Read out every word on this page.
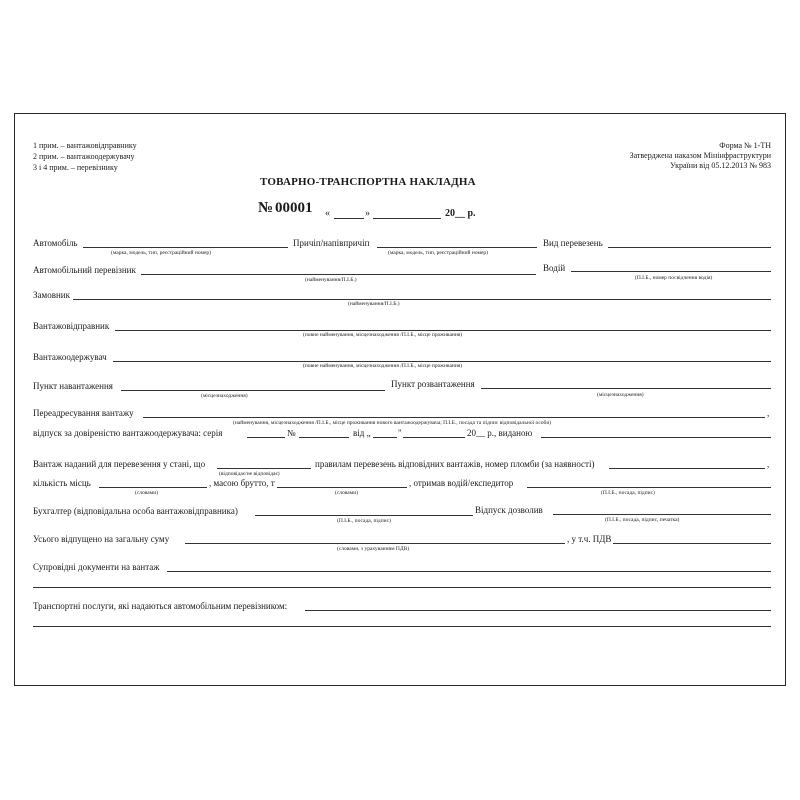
1 прим. – вантажовідправнику
2 прим. – вантажоодержувачу
3 і 4 прим. – перевізнику
Форма № 1-ТН
Затверджена наказом Мінінфраструктури
України від 05.12.2013 № 983
ТОВАРНО-ТРАНСПОРТНА НАКЛАДНА
№ 00001 «	»	20__ р.
Автомобіль
(марка, модель, тип, реєстраційний номер)
Причіп/напівпричіп
(марка, модель, тип, реєстраційний номер)
Вид перевезень
Автомобільний перевізник
(найменування/П.І.Б.)
Водій
(П.І.Б., номер посвідчення водія)
Замовник
(найменування/П.І.Б.)
Вантажовідправник
(повне найменування, місцезнаходження /П.І.Б., місце проживання)
Вантажоодержувач
(повне найменування, місцезнаходження /П.І.Б., місце проживання)
Пункт навантаження
(місцезнаходження)
Пункт розвантаження
(місцезнаходження)
Переадресування вантажу	,
(найменування, місцезнаходження /П.І.Б., місце проживання нового вантажоодержувача; П.І.Б., посада та підпис відповідальної особи)
відпуск за довіреністю вантажоодержувача: серія	№	від „	"	20__ р., виданою
Вантаж наданий для перевезення у стані, що
(відповідає/не відповідає)
правилам перевезень відповідних вантажів, номер пломби (за наявності)	,
кількість місць
(словами)
, масою брутто, т
(словами)
, отримав водій/експедитор
(П.І.Б., посада, підпис)
Бухгалтер (відповідальна особа вантажовідправника)
(П.І.Б., посада, підпис)
Відпуск дозволив
(П.І.Б., посада, підпис, печатка)
Усього відпущено на загальну суму
(словами, з урахуванням ПДВ)
, у т.ч. ПДВ
Супровідні документи на вантаж
Транспортні послуги, які надаються автомобільним перевізником:
